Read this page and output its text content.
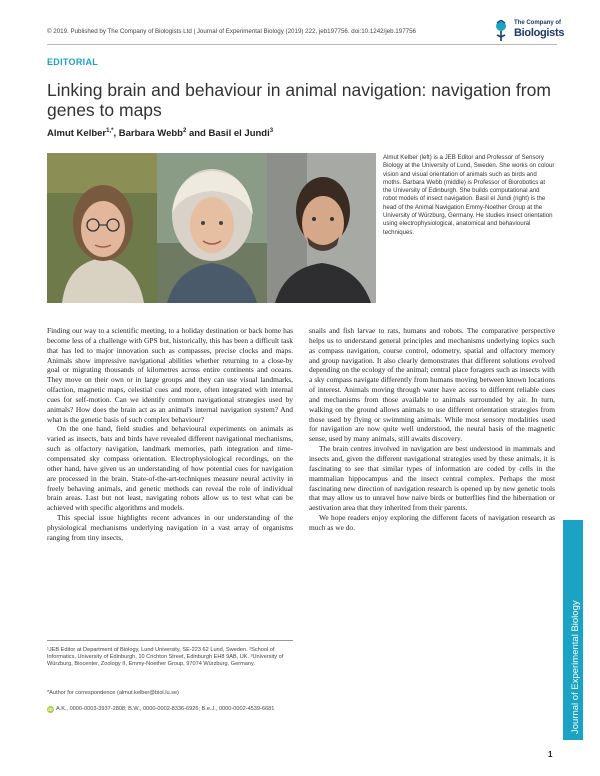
© 2019. Published by The Company of Biologists Ltd | Journal of Experimental Biology (2019) 222, jeb197756. doi:10.1242/jeb.197756
The Company of
Biologists
EDITORIAL
Linking brain and behaviour in animal navigation: navigation from genes to maps
Almut Kelber$^{1,*}$, Barbara Webb$^2$ and Basil el Jundi$^3$
Almut Kelber (left) is a JEB Editor and Professor of Sensory Biology at the University of Lund, Sweden. She works on colour vision and visual orientation of animals such as birds and moths. Barbara Webb (middle) is Professor of Biorobotics at the University of Edinburgh. She builds computational and robot models of insect navigation. Basil el Jundi (right) is the head of the Animal Navigation Emmy-Noether Group at the University of Würzburg, Germany. He studies insect orientation using electrophysiological, anatomical and behavioural techniques.

Finding our way to a scientific meeting, to a holiday destination or back home has become less of a challenge with GPS but, historically, this has been a difficult task that has led to major innovation such as compasses, precise clocks and maps. Animals show impressive navigational abilities whether returning to a close-by goal or migrating thousands of kilometres across entire continents and oceans. They move on their own or in large groups and they can use visual landmarks, olfaction, magnetic maps, celestial cues and more, often integrated with internal cues for self-motion. Can we identify common navigational strategies used by animals? How does the brain act as an animal's internal navigation system? And what is the genetic basis of such complex behaviour?

On the one hand, field studies and behavioural experiments on animals as varied as insects, bats and birds have revealed different navigational mechanisms, such as olfactory navigation, landmark memories, path integration and time-compensated sky compass orientation. Electrophysiological recordings, on the other hand, have given us an understanding of how potential cues for navigation are processed in the brain. State-of-the-art-techniques measure neural activity in freely behaving animals, and genetic methods can reveal the role of individual brain areas. Last but not least, navigating robots allow us to test what can be achieved with specific algorithms and models.

This special issue highlights recent advances in our understanding of the physiological mechanisms underlying navigation in a vast array of organisms ranging from tiny insects,

snails and fish larvae to rats, humans and robots. The comparative perspective helps us to understand general principles and mechanisms underlying topics such as compass navigation, course control, odometry, spatial and olfactory memory and group navigation. It also clearly demonstrates that different solutions evolved depending on the ecology of the animal; central place foragers such as insects with a sky compass navigate differently from humans moving between known locations of interest. Animals moving through water have access to different reliable cues and mechanisms from those available to animals surrounded by air. In turn, walking on the ground allows animals to use different orientation strategies from those used by flying or swimming animals. While most sensory modalities used for navigation are now quite well understood, the neural basis of the magnetic sense, used by many animals, still awaits discovery.

The brain centres involved in navigation are best understood in mammals and insects and, given the different navigational strategies used by these animals, it is fascinating to see that similar types of information are coded by cells in the mammalian hippocampus and the insect central complex. Perhaps the most fascinating new direction of navigation research is opened up by new genetic tools that may allow us to unravel how naive birds or butterflies find the hibernation or aestivation area that they inherited from their parents.

We hope readers enjoy exploring the different facets of navigation research as much as we do.

¹JEB Editor at Department of Biology, Lund University, SE-223 62 Lund, Sweden. ²School of Informatics, University of Edinburgh, 10 Crichton Street, Edinburgh EH8 9AB, UK. ³University of Würzburg, Biocenter, Zoology II, Emmy-Noether Group, 97074 Würzburg, Germany.
*Author for correspondence (almut.kelber@biol.lu.se)
iD A.K., 0000-0003-3937-2808; B.W., 0000-0002-8336-6926; B.e.J., 0000-0002-4539-6681	Journal of Experimental Biology
1
